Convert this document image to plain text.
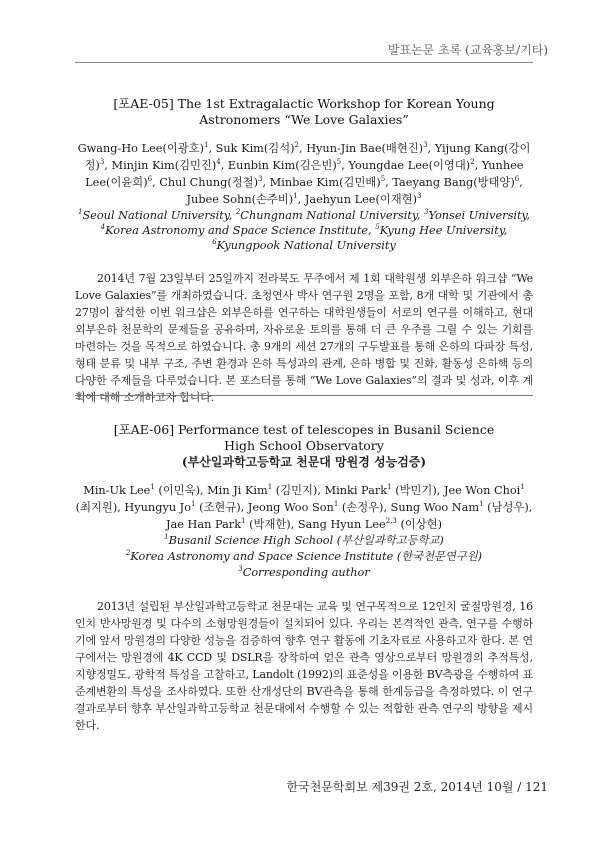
발표논문 초록 (교육홍보/기타)
[포AE-05] The 1st Extragalactic Workshop for Korean Young Astronomers “We Love Galaxies”
Gwang-Ho Lee(이광호)$^1$, Suk Kim(김석)$^2$, Hyun-Jin Bae(배현진)$^3$, Yijung Kang(강이정)$^3$, Minjin Kim(김민진)$^4$, Eunbin Kim(김은빈)$^5$, Youngdae Lee(이영대)$^2$, Yunhee Lee(이윤희)$^6$, Chul Chung(정철)$^3$, Minbae Kim(김민배)$^5$, Taeyang Bang(방태양)$^6$, Jubee Sohn(손주비)$^1$, Jaehyun Lee(이재현)$^3$
$^1$Seoul National University, $^2$Chungnam National University, $^3$Yonsei University,
$^4$Korea Astronomy and Space Science Institute, $^5$Kyung Hee University,
$^6$Kyungpook National University
2014년 7월 23일부터 25일까지 전라북도 무주에서 제 1회 대학원생 외부은하 워크샵 “We Love Galaxies”를 개최하였습니다. 초청연사 박사 연구원 2명을 포함, 8개 대학 및 기관에서 총 27명이 참석한 이번 워크샵은 외부은하를 연구하는 대학원생들이 서로의 연구를 이해하고, 현대 외부은하 천문학의 문제들을 공유하며, 자유로운 토의를 통해 더 큰 우주를 그릴 수 있는 기회를 마련하는 것을 목적으로 하였습니다. 총 9개의 세션 27개의 구두발표를 통해 은하의 다파장 특성, 형태 분류 및 내부 구조, 주변 환경과 은하 특성과의 관계, 은하 병합 및 진화, 활동성 은하핵 등의 다양한 주제들을 다루었습니다. 본 포스터를 통해 “We Love Galaxies”의 결과 및 성과, 이후 계획에 대해 소개하고자 합니다.
[포AE-06] Performance test of telescopes in Busanil Science
High School Observatory
(부산일과학고등학교 천문대 망원경 성능검증)
Min-Uk Lee$^1$ (이민욱), Min Ji Kim$^1$ (김민지), Minki Park$^1$ (박민기), Jee Won Choi$^1$ (최지원), Hyungyu Jo$^1$ (조현규), Jeong Woo Son$^1$ (손정우), Sung Woo Nam$^1$ (남성우), Jae Han Park$^1$ (박재한), Sang Hyun Lee$^{2,3}$ (이상현)
$^1$Busanil Science High School (부산일과학고등학교)
$^2$Korea Astronomy and Space Science Institute (한국천문연구원)
$^3$Corresponding author
2013년 설립된 부산일과학고등학교 천문대는 교육 및 연구목적으로 12인치 굴절망원경, 16인치 반사망원경 및 다수의 소형망원경들이 설치되어 있다. 우리는 본격적인 관측, 연구를 수행하기에 앞서 망원경의 다양한 성능을 검증하여 향후 연구 활동에 기초자료로 사용하고자 한다. 본 연구에서는 망원경에 4K CCD 및 DSLR을 장착하여 얻은 관측 영상으로부터 망원경의 추적특성, 지향정밀도, 광학적 특성을 고찰하고, Landolt (1992)의 표준성을 이용한 BV측광을 수행하여 표준계변환의 특성을 조사하였다. 또한 산개성단의 BV관측을 통해 한계등급을 측정하였다. 이 연구결과로부터 향후 부산일과학고등학교 천문대에서 수행할 수 있는 적합한 관측 연구의 방향을 제시한다.
한국천문학회보 제39권 2호, 2014년 10월 / 121
